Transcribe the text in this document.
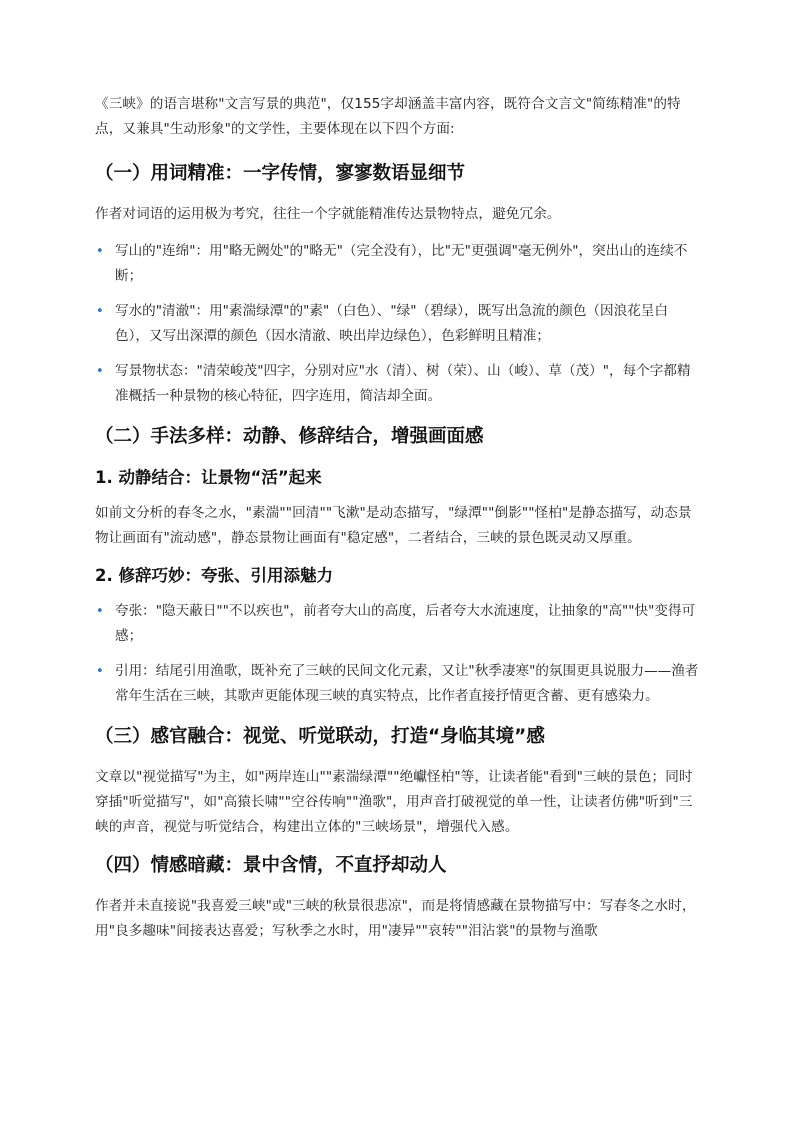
《三峡》的语言堪称"文言写景的典范"，仅155字却涵盖丰富内容，既符合文言文"简练精准"的特点，又兼具"生动形象"的文学性，主要体现在以下四个方面:

（一）用词精准：一字传情，寥寥数语显细节

作者对词语的运用极为考究，往往一个字就能精准传达景物特点，避免冗余。

• 写山的"连绵"：用"略无阙处"的"略无"（完全没有），比"无"更强调"毫无例外"，突出山的连续不断；
• 写水的"清澈"：用"素湍绿潭"的"素"（白色）、"绿"（碧绿），既写出急流的颜色（因浪花呈白色），又写出深潭的颜色（因水清澈、映出岸边绿色），色彩鲜明且精准；
• 写景物状态："清荣峻茂"四字，分别对应"水（清）、树（荣）、山（峻）、草（茂）"，每个字都精准概括一种景物的核心特征，四字连用，简洁却全面。
（二）手法多样：动静、修辞结合，增强画面感
1. 动静结合：让景物“活”起来

如前文分析的春冬之水，"素湍""回清""飞漱"是动态描写，"绿潭""倒影""怪柏"是静态描写，动态景物让画面有"流动感"，静态景物让画面有"稳定感"，二者结合，三峡的景色既灵动又厚重。

2. 修辞巧妙：夸张、引用添魅力
• 夸张："隐天蔽日""不以疾也"，前者夸大山的高度，后者夸大水流速度，让抽象的"高""快"变得可感；
• 引用：结尾引用渔歌，既补充了三峡的民间文化元素，又让"秋季凄寒"的氛围更具说服力——渔者常年生活在三峡，其歌声更能体现三峡的真实特点，比作者直接抒情更含蓄、更有感染力。
（三）感官融合：视觉、听觉联动，打造“身临其境”感

文章以"视觉描写"为主，如"两岸连山""素湍绿潭""绝巘怪柏"等，让读者能"看到"三峡的景色；同时穿插"听觉描写"，如"高猿长啸""空谷传响""渔歌"，用声音打破视觉的单一性，让读者仿佛"听到"三峡的声音，视觉与听觉结合，构建出立体的"三峡场景"，增强代入感。

（四）情感暗藏：景中含情，不直抒却动人

作者并未直接说"我喜爱三峡"或"三峡的秋景很悲凉"，而是将情感藏在景物描写中：写春冬之水时，用"良多趣味"间接表达喜爱；写秋季之水时，用"凄异""哀转""泪沾裳"的景物与渔歌
